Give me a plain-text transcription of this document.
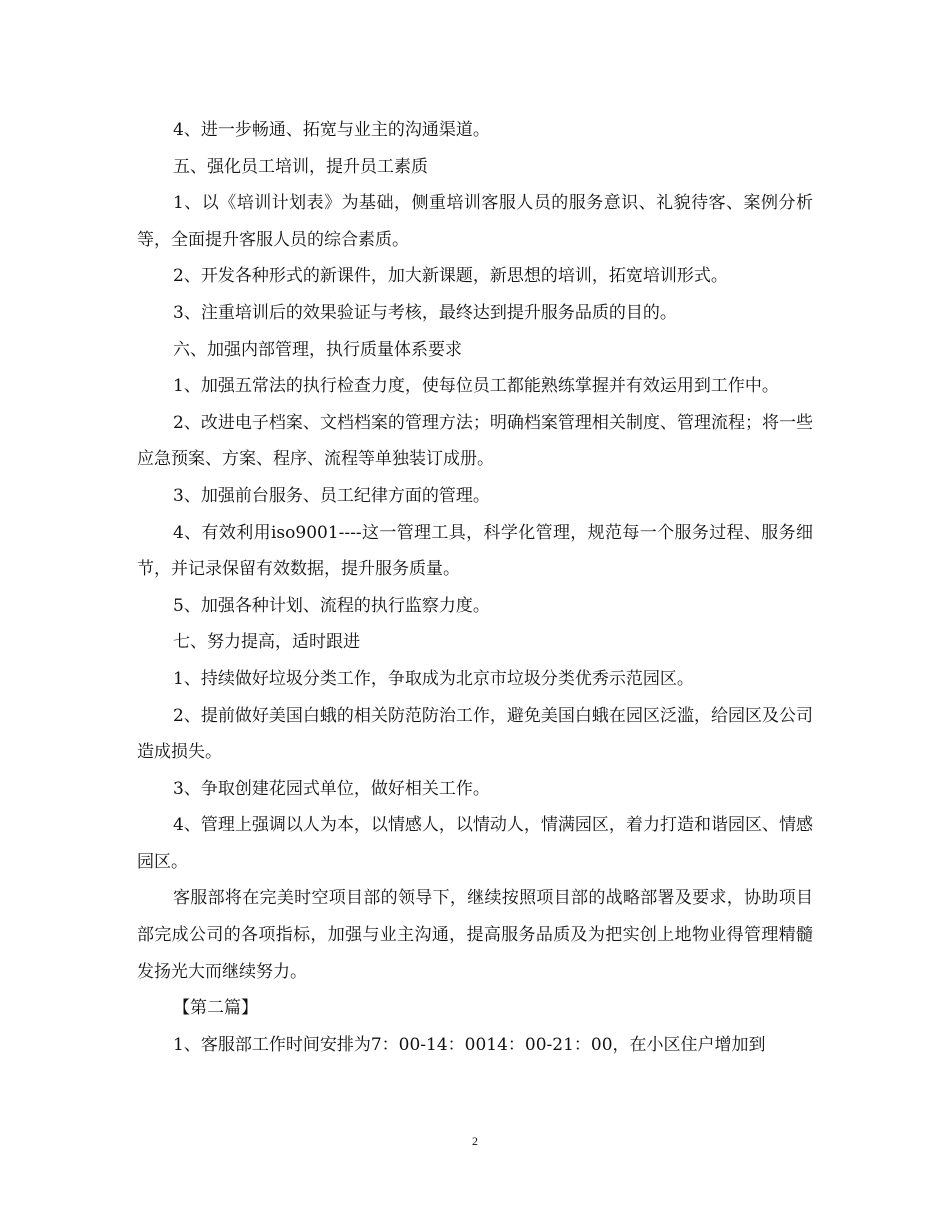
4、进一步畅通、拓宽与业主的沟通渠道。

五、强化员工培训，提升员工素质

1、以《培训计划表》为基础，侧重培训客服人员的服务意识、礼貌待客、案例分析等，全面提升客服人员的综合素质。

2、开发各种形式的新课件，加大新课题，新思想的培训，拓宽培训形式。

3、注重培训后的效果验证与考核，最终达到提升服务品质的目的。

六、加强内部管理，执行质量体系要求

1、加强五常法的执行检查力度，使每位员工都能熟练掌握并有效运用到工作中。

2、改进电子档案、文档档案的管理方法；明确档案管理相关制度、管理流程；将一些应急预案、方案、程序、流程等单独装订成册。

3、加强前台服务、员工纪律方面的管理。

4、有效利用iso9001----这一管理工具，科学化管理，规范每一个服务过程、服务细节，并记录保留有效数据，提升服务质量。

5、加强各种计划、流程的执行监察力度。

七、努力提高，适时跟进

1、持续做好垃圾分类工作，争取成为北京市垃圾分类优秀示范园区。

2、提前做好美国白蛾的相关防范防治工作，避免美国白蛾在园区泛滥，给园区及公司造成损失。

3、争取创建花园式单位，做好相关工作。

4、管理上强调以人为本，以情感人，以情动人，情满园区，着力打造和谐园区、情感园区。

客服部将在完美时空项目部的领导下，继续按照项目部的战略部署及要求，协助项目部完成公司的各项指标，加强与业主沟通，提高服务品质及为把实创上地物业得管理精髓发扬光大而继续努力。

【第二篇】

1、客服部工作时间安排为7：00-14：0014：00-21：00，在小区住户增加到

2
